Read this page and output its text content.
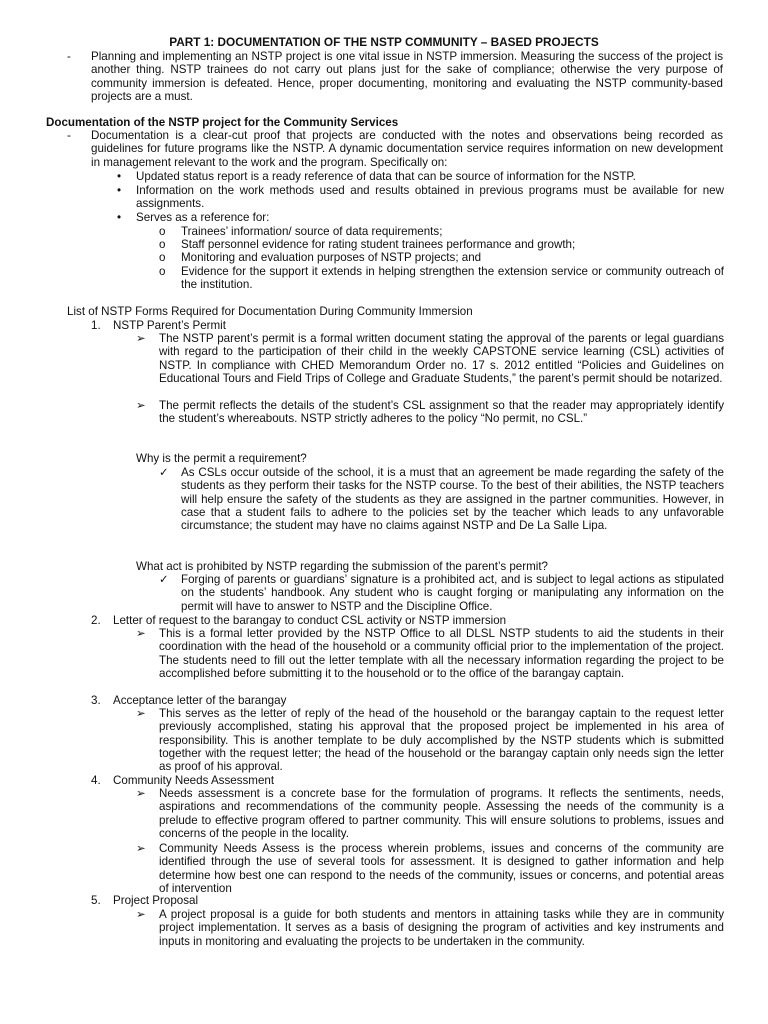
PART 1: DOCUMENTATION OF THE NSTP COMMUNITY – BASED PROJECTS
- Planning and implementing an NSTP project is one vital issue in NSTP immersion. Measuring the success of the project is another thing. NSTP trainees do not carry out plans just for the sake of compliance; otherwise the very purpose of community immersion is defeated. Hence, proper documenting, monitoring and evaluating the NSTP community-based projects are a must.
Documentation of the NSTP project for the Community Services
- Documentation is a clear-cut proof that projects are conducted with the notes and observations being recorded as guidelines for future programs like the NSTP. A dynamic documentation service requires information on new development in management relevant to the work and the program. Specifically on:
• Updated status report is a ready reference of data that can be source of information for the NSTP.
• Information on the work methods used and results obtained in previous programs must be available for new assignments.
• Serves as a reference for:
o Trainees’ information/ source of data requirements;
o Staff personnel evidence for rating student trainees performance and growth;
o Monitoring and evaluation purposes of NSTP projects; and
o Evidence for the support it extends in helping strengthen the extension service or community outreach of the institution.
List of NSTP Forms Required for Documentation During Community Immersion
1. NSTP Parent’s Permit
➢ The NSTP parent’s permit is a formal written document stating the approval of the parents or legal guardians with regard to the participation of their child in the weekly CAPSTONE service learning (CSL) activities of NSTP. In compliance with CHED Memorandum Order no. 17 s. 2012 entitled “Policies and Guidelines on Educational Tours and Field Trips of College and Graduate Students,” the parent’s permit should be notarized.
➢ The permit reflects the details of the student’s CSL assignment so that the reader may appropriately identify the student’s whereabouts. NSTP strictly adheres to the policy “No permit, no CSL.”
Why is the permit a requirement?
✓ As CSLs occur outside of the school, it is a must that an agreement be made regarding the safety of the students as they perform their tasks for the NSTP course. To the best of their abilities, the NSTP teachers will help ensure the safety of the students as they are assigned in the partner communities. However, in case that a student fails to adhere to the policies set by the teacher which leads to any unfavorable circumstance; the student may have no claims against NSTP and De La Salle Lipa.
What act is prohibited by NSTP regarding the submission of the parent’s permit?
✓ Forging of parents or guardians’ signature is a prohibited act, and is subject to legal actions as stipulated on the students’ handbook. Any student who is caught forging or manipulating any information on the permit will have to answer to NSTP and the Discipline Office.
2. Letter of request to the barangay to conduct CSL activity or NSTP immersion
➢ This is a formal letter provided by the NSTP Office to all DLSL NSTP students to aid the students in their coordination with the head of the household or a community official prior to the implementation of the project. The students need to fill out the letter template with all the necessary information regarding the project to be accomplished before submitting it to the household or to the office of the barangay captain.
3. Acceptance letter of the barangay
➢ This serves as the letter of reply of the head of the household or the barangay captain to the request letter previously accomplished, stating his approval that the proposed project be implemented in his area of responsibility. This is another template to be duly accomplished by the NSTP students which is submitted together with the request letter; the head of the household or the barangay captain only needs sign the letter as proof of his approval.
4. Community Needs Assessment
➢ Needs assessment is a concrete base for the formulation of programs. It reflects the sentiments, needs, aspirations and recommendations of the community people. Assessing the needs of the community is a prelude to effective program offered to partner community. This will ensure solutions to problems, issues and concerns of the people in the locality.
➢ Community Needs Assess is the process wherein problems, issues and concerns of the community are identified through the use of several tools for assessment. It is designed to gather information and help determine how best one can respond to the needs of the community, issues or concerns, and potential areas of intervention
5. Project Proposal
➢ A project proposal is a guide for both students and mentors in attaining tasks while they are in community project implementation. It serves as a basis of designing the program of activities and key instruments and inputs in monitoring and evaluating the projects to be undertaken in the community.
